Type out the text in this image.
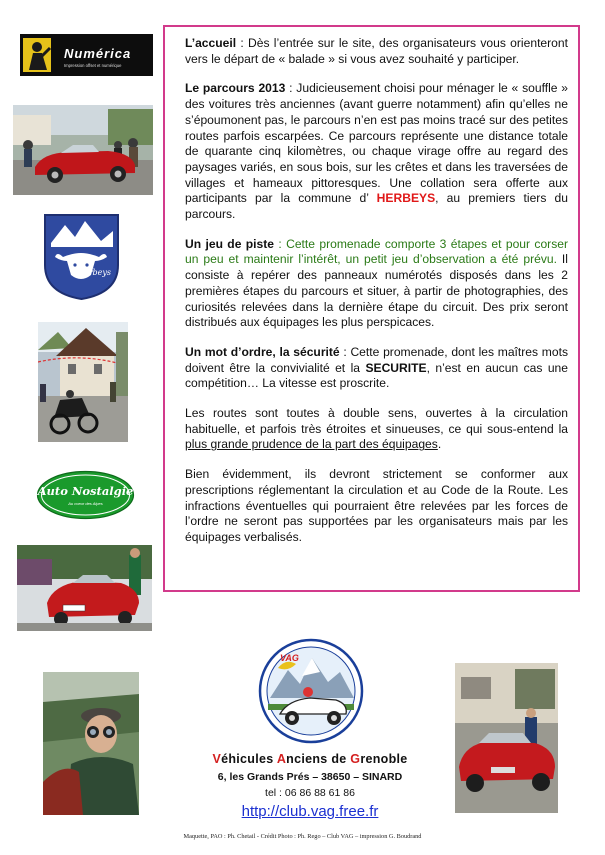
Numérica
Impression offset et numérique
Herbeys
Auto Nostalgie
Au coeur des Alpes
VAG

L’accueil : Dès l’entrée sur le site, des organisateurs vous orienteront vers le départ de « balade » si vous avez souhaité y participer.

Le parcours 2013 : Judicieusement choisi pour ménager le « souffle » des voitures très anciennes (avant guerre notamment) afin qu’elles ne s’époumonent pas, le parcours n’en est pas moins tracé sur des petites routes parfois escarpées. Ce parcours représente une distance totale de quarante cinq kilomètres, ou chaque virage offre au regard des paysages variés, en sous bois, sur les crêtes et dans les traversées de villages et hameaux pittoresques. Une collation sera offerte aux participants par la commune d’ HERBEYS, au premiers tiers du parcours.

Un jeu de piste : Cette promenade comporte 3 étapes et pour corser un peu et maintenir l’intérêt, un petit jeu d’observation a été prévu. Il consiste à repérer des panneaux numérotés disposés dans les 2 premières étapes du parcours et situer, à partir de photographies, des curiosités relevées dans la dernière étape du circuit. Des prix seront distribués aux équipages les plus perspicaces.

Un mot d’ordre, la sécurité : Cette promenade, dont les maîtres mots doivent être la convivialité et la SECURITE, n’est en aucun cas une compétition… La vitesse est proscrite.

Les routes sont toutes à double sens, ouvertes à la circulation habituelle, et parfois très étroites et sinueuses, ce qui sous-entend la plus grande prudence de la part des équipages.

Bien évidemment, ils devront strictement se conformer aux prescriptions réglementant la circulation et au Code de la Route. Les infractions éventuelles qui pourraient être relevées par les forces de l’ordre ne seront pas supportées par les organisateurs mais par les équipages verbalisés.

Véhicules Anciens de Grenoble
6, les Grands Prés – 38650 – SINARD
tel : 06 86 88 61 86
http://club.vag.free.fr
Maquette, PAO : Ph. Chetail - Crédit Photo : Ph. Rego – Club VAG – impression G. Boudrand
